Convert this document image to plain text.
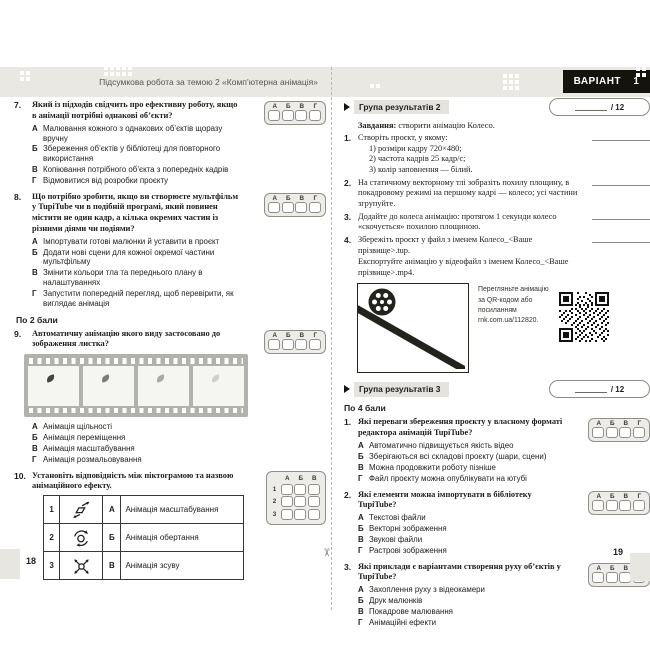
Підсумкова робота за темою 2 «Комп’ютерна анімація»	ВАРІАНТ 1
✂
7.	Який із підходів свідчить про ефективну роботу, якщо в анімації потрібні однакові об’єкти?
А Малювання кожного з однакових об’єктів щоразу вручну
Б Збереження об’єктів у бібліотеці для повторного використання
В Копіювання потрібного об’єкта з попередніх кадрів
Г Відмовитися від розробки проєкту
А	Б	В	Г
8.	Що потрібно зробити, якщо ви створюєте мультфільм у TupiTube чи в подібній програмі, який повинен містити не один кадр, а кілька окремих частин із різними діями чи подіями?
А Імпортувати готові малюнки й уставити в проєкт
Б Додати нові сцени для кожної окремої частини мультфільму
В Змінити кольори тла та переднього плану в налаштуваннях
Г Запустити попередній перегляд, щоб перевірити, як виглядає анімація
А	Б	В	Г
По 2 бали
9.	Автоматичну анімацію якого виду застосовано до зображення листка?
А Анімація щільності
Б Анімація переміщення
В Анімація масштабування
Г Анімація розмальовування
А	Б	В	Г
10. Установіть відповідність між піктограмою та назвою анімаційного ефекту.
1		А	Анімація масштабування
2		Б	Анімація обертання
3		В	Анімація зсуву
А	Б	В
1
2
3
Група результатів 2	/ 12
Завдання: створити анімацію Колесо.
1. Створіть проєкт, у якому:
1) розміри кадру 720×480;
2) частота кадрів 25 кадр/с;
3) колір заповнення — білий.
2. На статичному векторному тлі зобразіть похилу площину, в покадровому режимі на першому кадрі — колесо; усі частини згрупуйте.
3. Додайте до колеса анімацію: протягом 1 секунди колесо «скочується» похилою площиною.
4. Збережіть проєкт у файл з іменем Колесо_<Ваше прізвище>.tup.
Експортуйте анімацію у відеофайл з іменем Колесо_<Ваше прізвище>.mp4.
Перегляньте анімацію за QR-кодом або посиланням rnk.com.ua/112820.
Група результатів 3	/ 12
По 4 бали
1. Які переваги збереження проєкту у власному форматі редактора анімацій TupiTube?
А Автоматично підвищується якість відео
Б Зберігаються всі складові проєкту (шари, сцени)
В Можна продовжити роботу пізніше
Г Файл проєкту можна опублікувати на ютубі
А	Б	В	Г
2. Які елементи можна імпортувати в бібліотеку TupiTube?
А Текстові файли
Б Векторні зображення
В Звукові файли
Г Растрові зображення
А	Б	В	Г
3. Які приклади є варіантами створення руху об’єктів у TupiTube?
А Захоплення руху з відеокамери
Б Друк малюнків
В Покадрове малювання
Г Анімаційні ефекти
А	Б	В
18
19
